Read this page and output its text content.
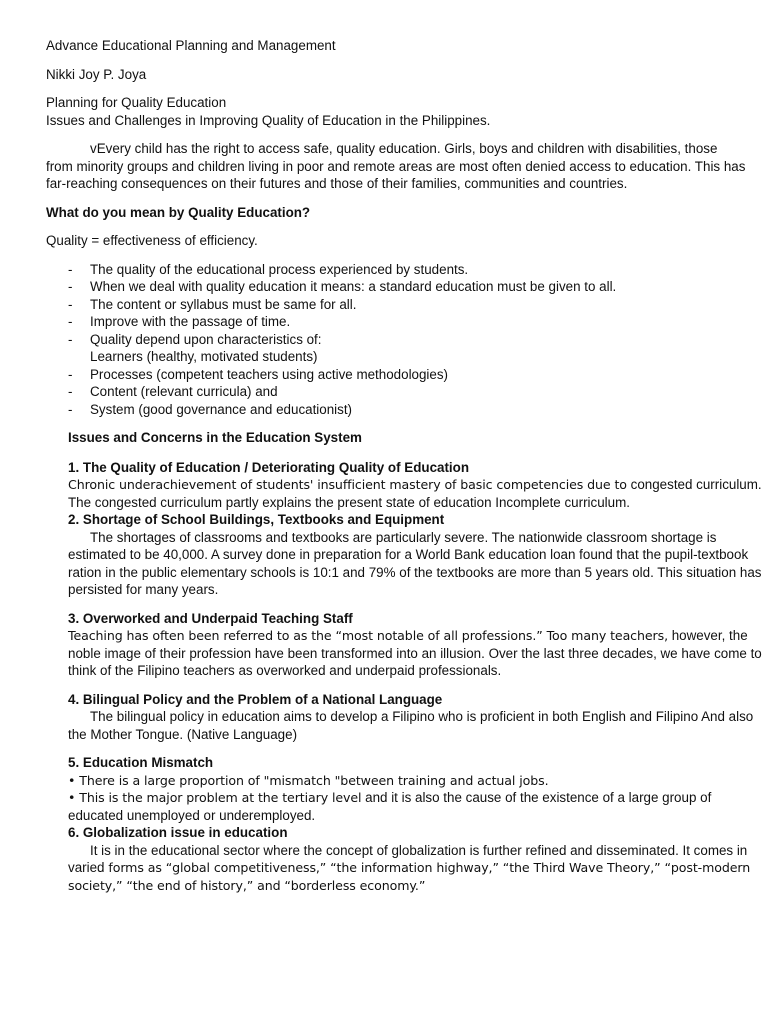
Advance Educational Planning and Management

Nikki Joy P. Joya

Planning for Quality Education

Issues and Challenges in Improving Quality of Education in the Philippines.

vEvery child has the right to access safe, quality education. Girls, boys and children with disabilities, those from minority groups and children living in poor and remote areas are most often denied access to education. This has far-reaching consequences on their futures and those of their families, communities and countries.

What do you mean by Quality Education?

Quality = effectiveness of efficiency.

- The quality of the educational process experienced by students.
- When we deal with quality education it means: a standard education must be given to all.
- The content or syllabus must be same for all.
- Improve with the passage of time.
- Quality depend upon characteristics of:
Learners (healthy, motivated students)
- Processes (competent teachers using active methodologies)
- Content (relevant curricula) and
- System (good governance and educationist)

Issues and Concerns in the Education System

1. The Quality of Education / Deteriorating Quality of Education

Chronic underachievement of students' insufficient mastery of basic competencies due to congested curriculum. The congested curriculum partly explains the present state of education Incomplete curriculum.

2. Shortage of School Buildings, Textbooks and Equipment

The shortages of classrooms and textbooks are particularly severe. The nationwide classroom shortage is estimated to be 40,000. A survey done in preparation for a World Bank education loan found that the pupil-textbook ration in the public elementary schools is 10:1 and 79% of the textbooks are more than 5 years old. This situation has persisted for many years.

3. Overworked and Underpaid Teaching Staff

Teaching has often been referred to as the “most notable of all professions.” Too many teachers, however, the noble image of their profession have been transformed into an illusion. Over the last three decades, we have come to think of the Filipino teachers as overworked and underpaid professionals.

4. Bilingual Policy and the Problem of a National Language

The bilingual policy in education aims to develop a Filipino who is proficient in both English and Filipino And also the Mother Tongue. (Native Language)

5. Education Mismatch

• There is a large proportion of "mismatch "between training and actual jobs.

• This is the major problem at the tertiary level and it is also the cause of the existence of a large group of educated unemployed or underemployed.

6. Globalization issue in education

It is in the educational sector where the concept of globalization is further refined and disseminated. It comes in varied forms as “global competitiveness,” “the information highway,” “the Third Wave Theory,” “post-modern society,” “the end of history,” and “borderless economy.”
